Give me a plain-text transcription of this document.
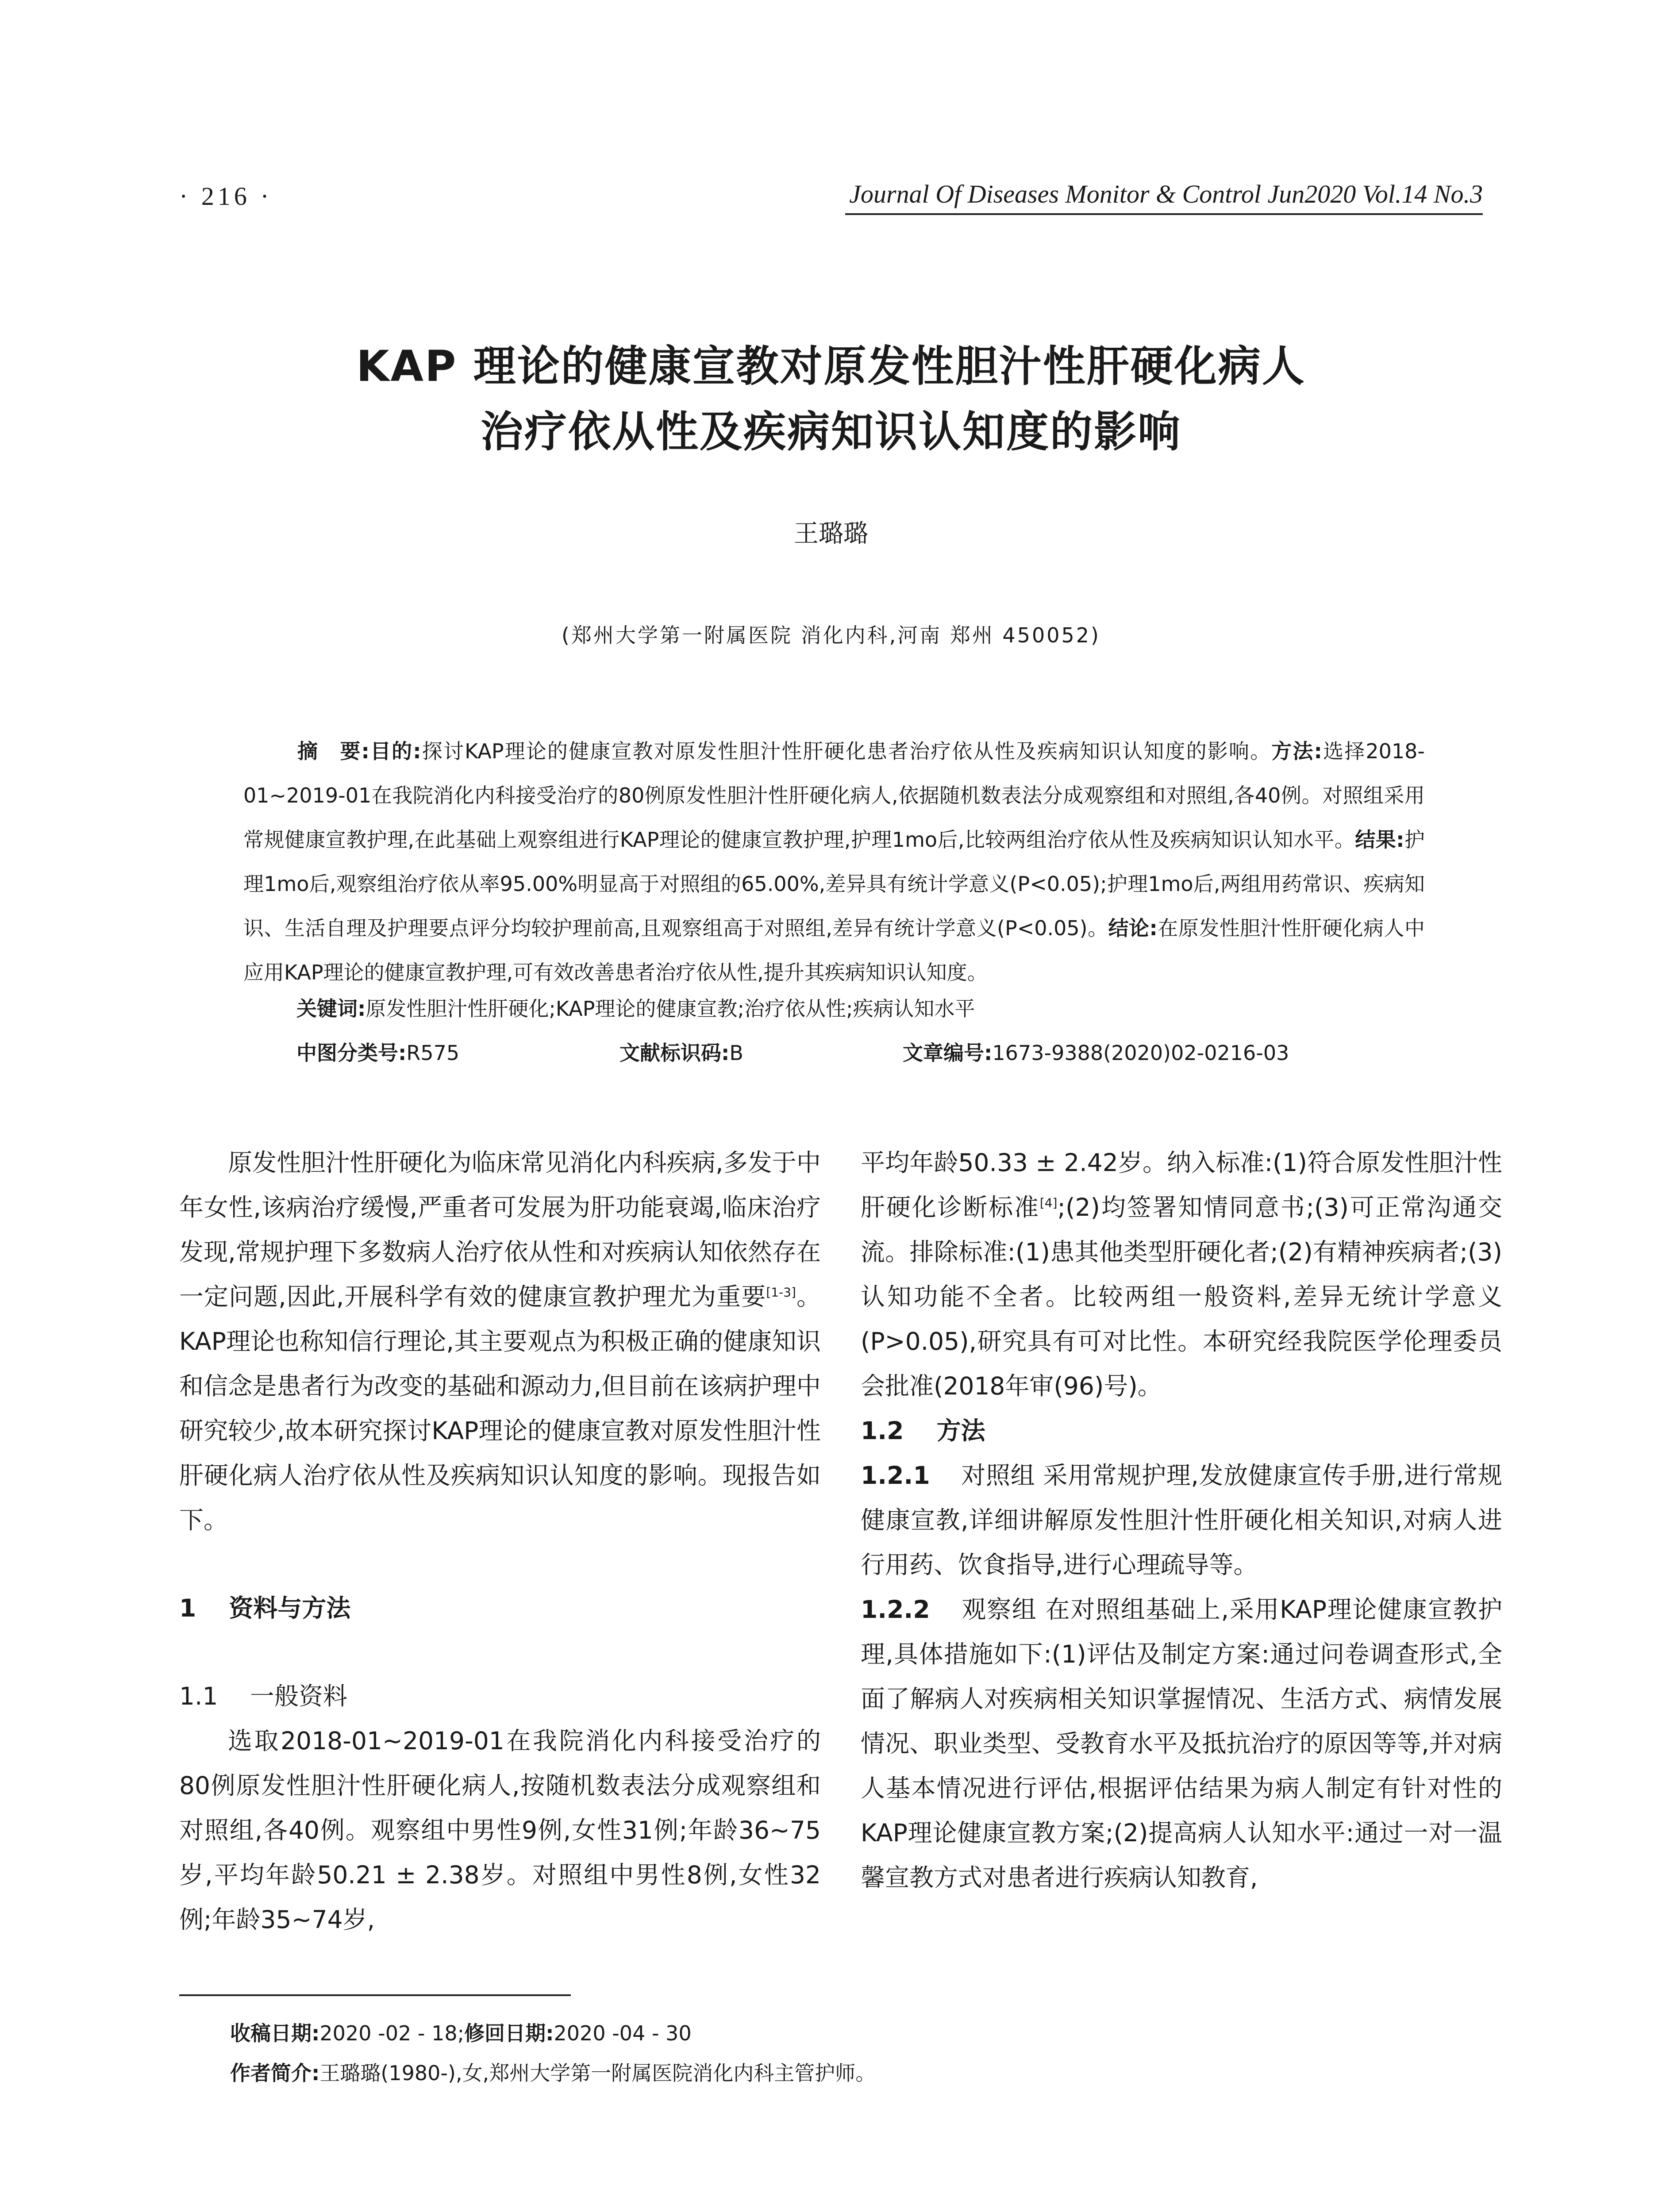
· 216 ·	Journal Of Diseases Monitor & Control Jun2020 Vol.14 No.3
KAP 理论的健康宣教对原发性胆汁性肝硬化病人
治疗依从性及疾病知识认知度的影响
王璐璐
(郑州大学第一附属医院 消化内科,河南 郑州 450052)
摘　要:目的:探讨KAP理论的健康宣教对原发性胆汁性肝硬化患者治疗依从性及疾病知识认知度的影响。方法:选择2018-01~2019-01在我院消化内科接受治疗的80例原发性胆汁性肝硬化病人,依据随机数表法分成观察组和对照组,各40例。对照组采用常规健康宣教护理,在此基础上观察组进行KAP理论的健康宣教护理,护理1mo后,比较两组治疗依从性及疾病知识认知水平。结果:护理1mo后,观察组治疗依从率95.00%明显高于对照组的65.00%,差异具有统计学意义(P<0.05);护理1mo后,两组用药常识、疾病知识、生活自理及护理要点评分均较护理前高,且观察组高于对照组,差异有统计学意义(P<0.05)。结论:在原发性胆汁性肝硬化病人中应用KAP理论的健康宣教护理,可有效改善患者治疗依从性,提升其疾病知识认知度。
关键词:原发性胆汁性肝硬化;KAP理论的健康宣教;治疗依从性;疾病认知水平
中图分类号:R575	文献标识码:B	文章编号:1673-9388(2020)02-0216-03

原发性胆汁性肝硬化为临床常见消化内科疾病,多发于中年女性,该病治疗缓慢,严重者可发展为肝功能衰竭,临床治疗发现,常规护理下多数病人治疗依从性和对疾病认知依然存在一定问题,因此,开展科学有效的健康宣教护理尤为重要[1-3]。KAP理论也称知信行理论,其主要观点为积极正确的健康知识和信念是患者行为改变的基础和源动力,但目前在该病护理中研究较少,故本研究探讨KAP理论的健康宣教对原发性胆汁性肝硬化病人治疗依从性及疾病知识认知度的影响。现报告如下。

1　 资料与方法

1.1　 一般资料

选取2018-01~2019-01在我院消化内科接受治疗的80例原发性胆汁性肝硬化病人,按随机数表法分成观察组和对照组,各40例。观察组中男性9例,女性31例;年龄36~75岁,平均年龄50.21 ± 2.38岁。对照组中男性8例,女性32例;年龄35~74岁,

平均年龄50.33 ± 2.42岁。纳入标准:(1)符合原发性胆汁性肝硬化诊断标准[4];(2)均签署知情同意书;(3)可正常沟通交流。排除标准:(1)患其他类型肝硬化者;(2)有精神疾病者;(3)认知功能不全者。比较两组一般资料,差异无统计学意义(P>0.05),研究具有可对比性。本研究经我院医学伦理委员会批准(2018年审(96)号)。

1.2　 方法

1.2.1 对照组 采用常规护理,发放健康宣传手册,进行常规健康宣教,详细讲解原发性胆汁性肝硬化相关知识,对病人进行用药、饮食指导,进行心理疏导等。

1.2.2 观察组 在对照组基础上,采用KAP理论健康宣教护理,具体措施如下:(1)评估及制定方案:通过问卷调查形式,全面了解病人对疾病相关知识掌握情况、生活方式、病情发展情况、职业类型、受教育水平及抵抗治疗的原因等等,并对病人基本情况进行评估,根据评估结果为病人制定有针对性的KAP理论健康宣教方案;(2)提高病人认知水平:通过一对一温馨宣教方式对患者进行疾病认知教育,

收稿日期:2020 -02 - 18;修回日期:2020 -04 - 30
作者简介:王璐璐(1980-),女,郑州大学第一附属医院消化内科主管护师。
